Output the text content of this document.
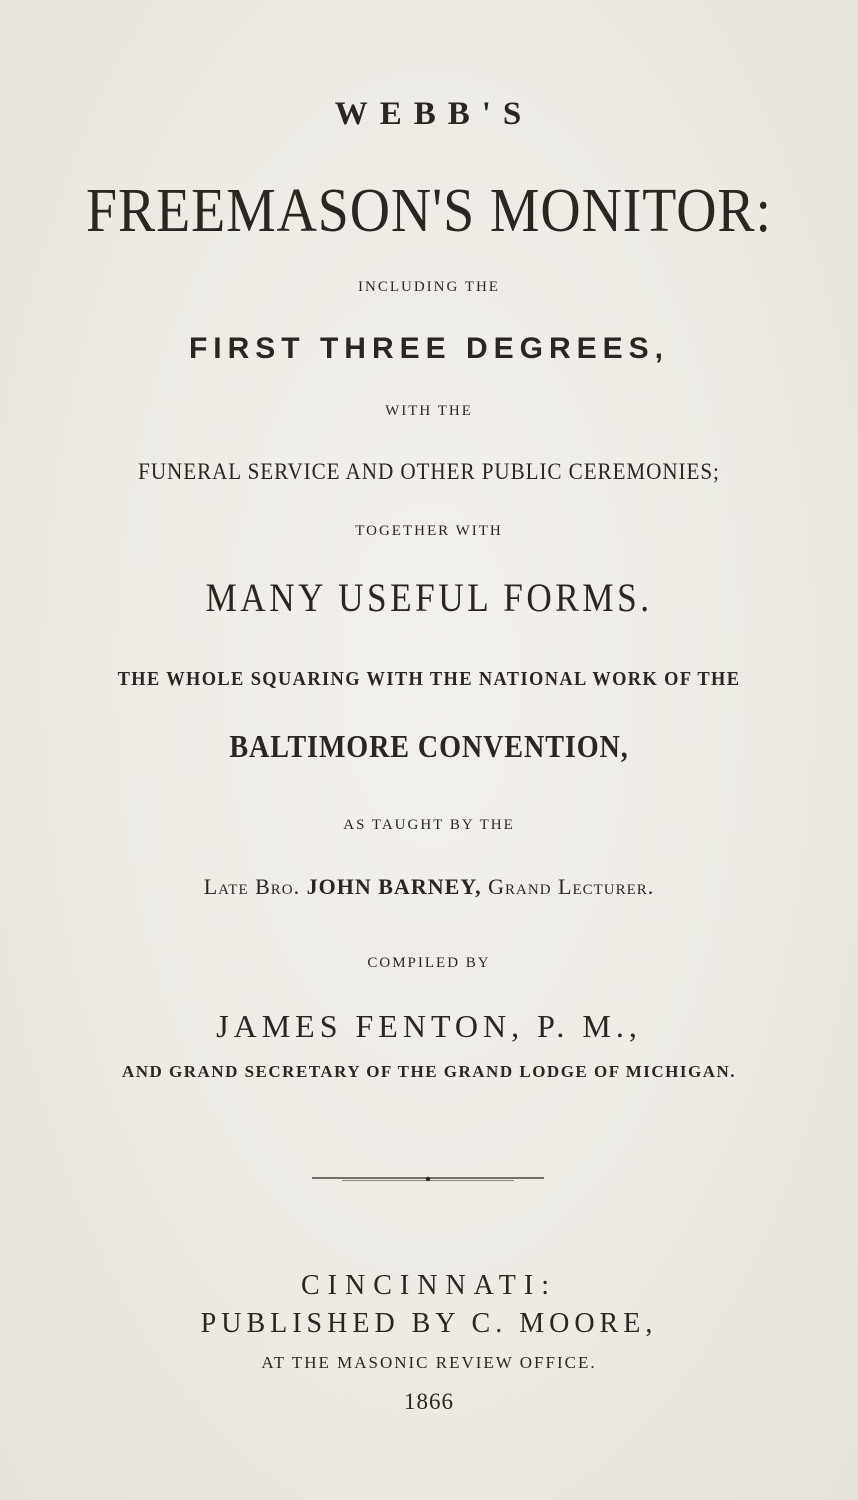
WEBB'S
FREEMASON'S MONITOR:
INCLUDING THE
FIRST THREE DEGREES,
WITH THE
FUNERAL SERVICE AND OTHER PUBLIC CEREMONIES;
TOGETHER WITH
MANY USEFUL FORMS.
THE WHOLE SQUARING WITH THE NATIONAL WORK OF THE
BALTIMORE CONVENTION,
AS TAUGHT BY THE
Late Bro. JOHN BARNEY, Grand Lecturer.
COMPILED BY
JAMES FENTON, P. M.,
AND GRAND SECRETARY OF THE GRAND LODGE OF MICHIGAN.
CINCINNATI:
PUBLISHED BY C. MOORE,
AT THE MASONIC REVIEW OFFICE.
1866
